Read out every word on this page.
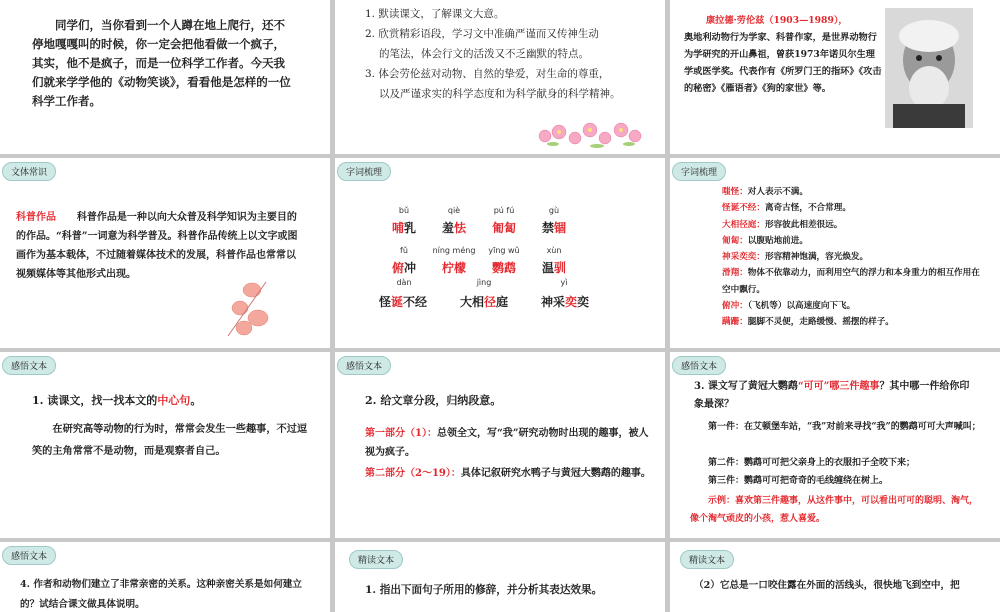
同学们，当你看到一个人蹲在地上爬行，还不停地嘎嘎叫的时候，你一定会把他看做一个疯子，其实，他不是疯子，而是一位科学工作者。今天我们就来学学他的《动物笑谈》，看看他是怎样的一位科学工作者。
1. 默读课文，了解课文大意。
2. 欣赏精彩语段，学习文中准确严谨而又传神生动
的笔法，体会行文的活泼又不乏幽默的特点。
3. 体会劳伦兹对动物、自然的挚爱，对生命的尊重，
以及严谨求实的科学态度和为科学献身的科学精神。
康拉德·劳伦兹（1903—1989），
奥地利动物行为学家、科普作家，是世界动物行为学研究的开山鼻祖，曾获1973年诺贝尔生理学或医学奖。代表作有《所罗门王的指环》《攻击的秘密》《雁语者》《狗的家世》等。
文体常识
科普作品 科普作品是一种以向大众普及科学知识为主要目的的作品。“科普”一词意为科学普及。科普作品传统上以文字或图画作为基本载体，不过随着媒体技术的发展，科普作品也常常以视频媒体等其他形式出现。
字词梳理
bǔ	qiè	pú fú	gù
哺乳	羞怯	匍匐	禁锢
fǔ	níng méng	yīng wǔ	xùn
俯冲	柠檬	鹦鹉	温驯
dàn	jìng	yì
怪诞不经	大相径庭	神采奕奕
字词梳理
嗤怪：对人表示不满。
怪诞不经：离奇古怪，不合常理。
大相径庭：形容彼此相差很远。
匍匐：以腹贴地前进。
神采奕奕：形容精神饱满，容光焕发。
滑翔：物体不依靠动力，而利用空气的浮力和本身重力的相互作用在空中飘行。
俯冲：（飞机等）以高速度向下飞。
蹒跚：腿脚不灵便，走路缓慢、摇摆的样子。
感悟文本
1. 读课文，找一找本文的中心句。
在研究高等动物的行为时，常常会发生一些趣事，不过逗笑的主角常常不是动物，而是观察者自己。
感悟文本
2. 给文章分段，归纳段意。
第一部分（1）：总领全文，写“我”研究动物时出现的趣事，被人视为疯子。
第二部分（2～19）：具体记叙研究水鸭子与黄冠大鹦鹉的趣事。
感悟文本
3. 课文写了黄冠大鹦鹉“可可”哪三件趣事？其中哪一件给你印象最深？
第一件：在艾顿堡车站，“我”对前来寻找“我”的鹦鹉可可大声喊叫；
第二件：鹦鹉可可把父亲身上的衣服扣子全咬下来；
第三件：鹦鹉可可把奇奇的毛线缠绕在树上。
示例：喜欢第三件趣事，从这件事中，可以看出可可的聪明、淘气，像个淘气顽皮的小孩，惹人喜爱。
感悟文本
4. 作者和动物们建立了非常亲密的关系。这种亲密关系是如何建立的？试结合课文做具体说明。
精读文本
1. 指出下面句子所用的修辞，并分析其表达效果。
精读文本
（2）它总是一口咬住露在外面的活线头，很快地飞到空中，把
